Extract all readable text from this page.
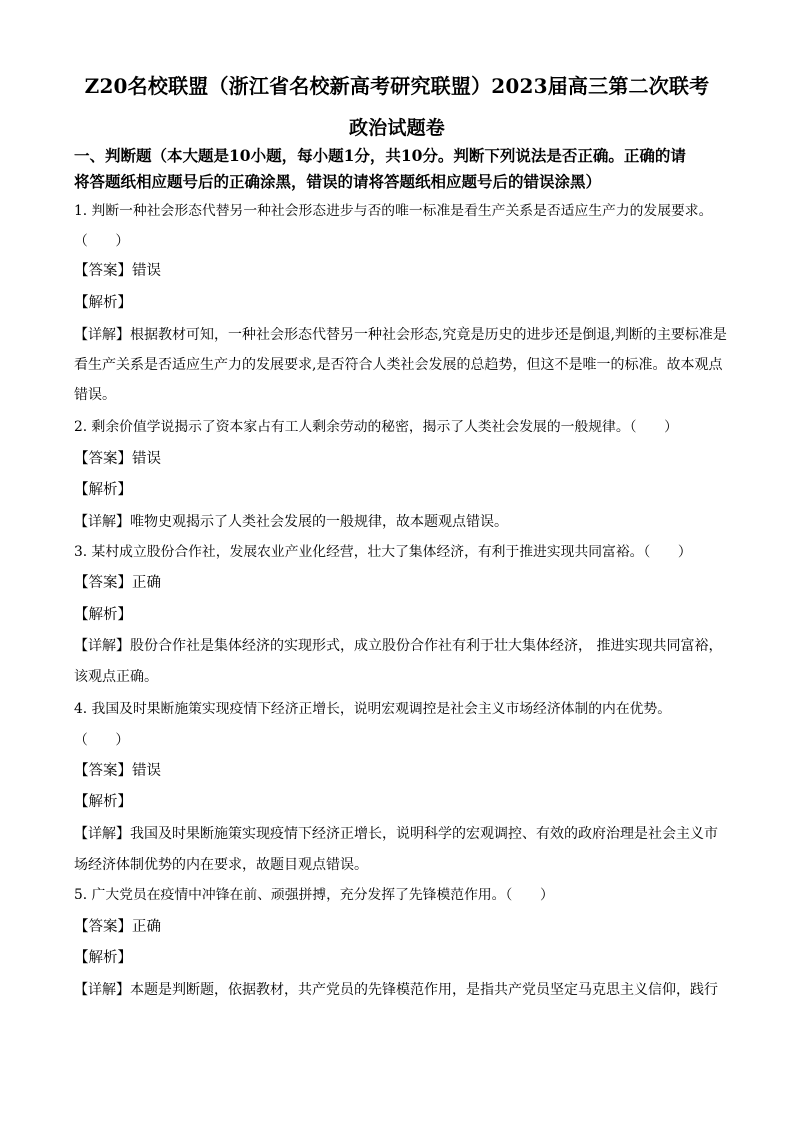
Z20名校联盟（浙江省名校新高考研究联盟）2023届高三第二次联考
政治试题卷
一、判断题（本大题是10小题，每小题1分，共10分。判断下列说法是否正确。正确的请
将答题纸相应题号后的正确涂黑，错误的请将答题纸相应题号后的错误涂黑）
1. 判断一种社会形态代替另一种社会形态进步与否的唯一标准是看生产关系是否适应生产力的发展要求。
（　　）
【答案】错误
【解析】
【详解】根据教材可知，一种社会形态代替另一种社会形态,究竟是历史的进步还是倒退,判断的主要标准是
看生产关系是否适应生产力的发展要求,是否符合人类社会发展的总趋势，但这不是唯一的标准。故本观点
错误。
2. 剩余价值学说揭示了资本家占有工人剩余劳动的秘密，揭示了人类社会发展的一般规律。（　　）
【答案】错误
【解析】
【详解】唯物史观揭示了人类社会发展的一般规律，故本题观点错误。
3. 某村成立股份合作社，发展农业产业化经营，壮大了集体经济，有利于推进实现共同富裕。（　　）
【答案】正确
【解析】
【详解】股份合作社是集体经济的实现形式，成立股份合作社有利于壮大集体经济， 推进实现共同富裕，
该观点正确。
4. 我国及时果断施策实现疫情下经济正增长，说明宏观调控是社会主义市场经济体制的内在优势。
（　　）
【答案】错误
【解析】
【详解】我国及时果断施策实现疫情下经济正增长，说明科学的宏观调控、有效的政府治理是社会主义市
场经济体制优势的内在要求，故题目观点错误。
5. 广大党员在疫情中冲锋在前、顽强拼搏，充分发挥了先锋模范作用。（　　）
【答案】正确
【解析】
【详解】本题是判断题，依据教材，共产党员的先锋模范作用，是指共产党员坚定马克思主义信仰，践行
